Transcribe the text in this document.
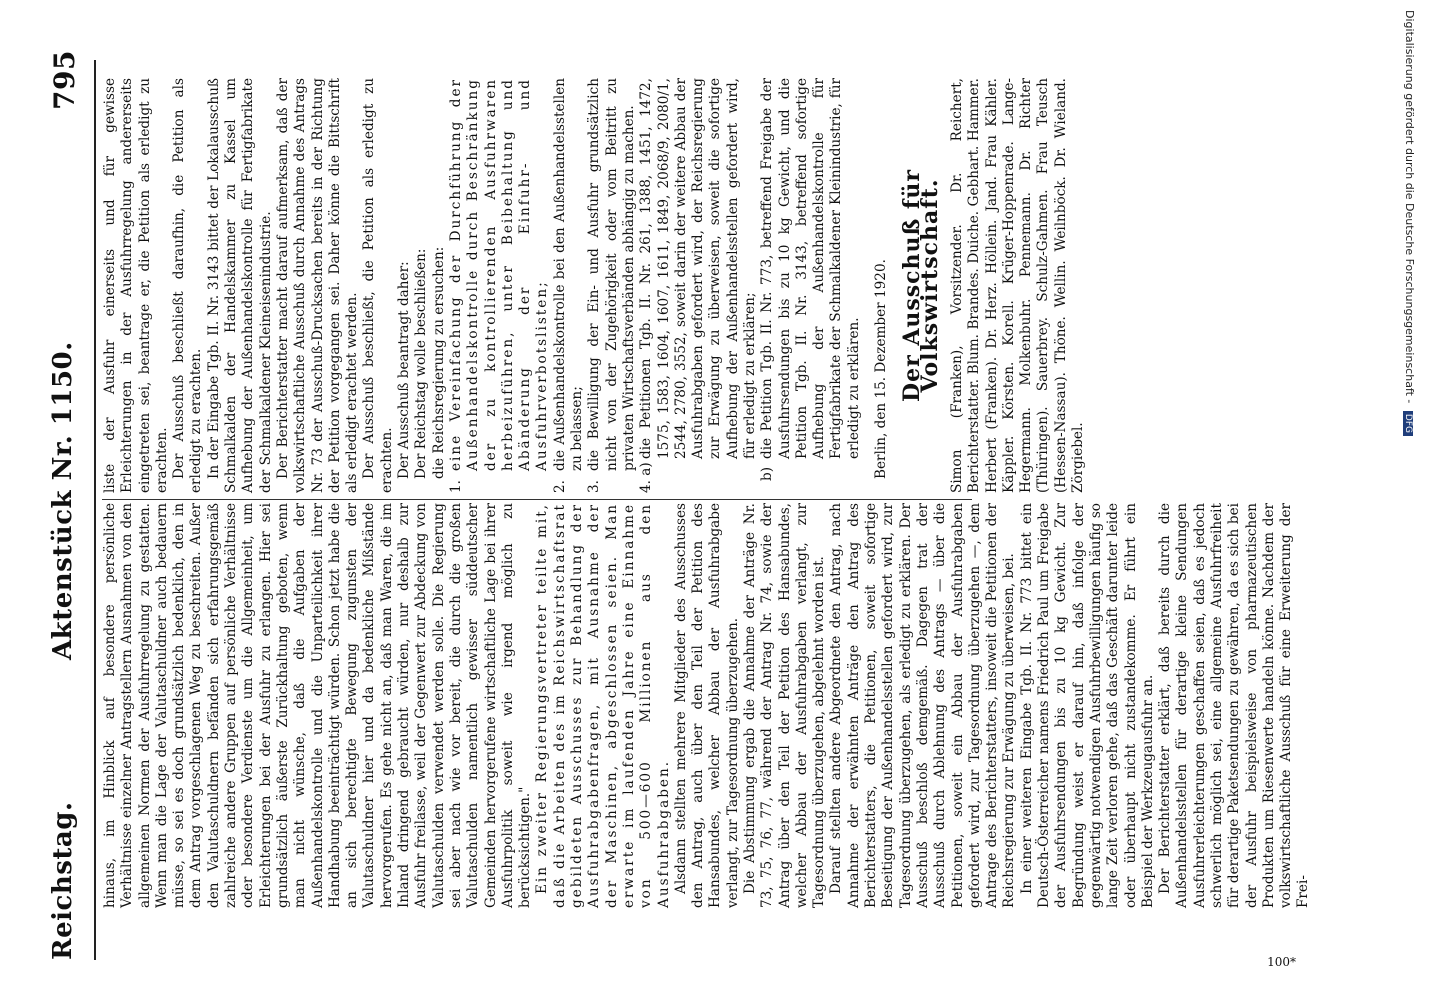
Reichstag.
Aktenstück Nr. 1150.
795

hinaus, im Hinblick auf besondere persönliche Verhältnisse einzelner Antragstellern Ausnahmen von den allgemeinen Normen der Ausfuhrregelung zu gestatten. Wenn man die Lage der Valutaschuldner auch bedauern müsse, so sei es doch grundsätzlich bedenklich, den in dem Antrag vorgeschlagenen Weg zu beschreiten. Außer den Valutaschuldnern befänden sich erfahrungsgemäß zahlreiche andere Gruppen auf persönliche Verhältnisse oder besondere Verdienste um die Allgemeinheit, um Erleichterungen bei der Ausfuhr zu erlangen. Hier sei grundsätzlich äußerste Zurückhaltung geboten, wenn man nicht wünsche, daß die Aufgaben der Außenhandelskontrolle und die Unparteilichkeit ihrer Handhabung beeinträchtigt würden. Schon jetzt habe die an sich berechtigte Bewegung zugunsten der Valutaschuldner hier und da bedenkliche Mißstände hervorgerufen. Es gehe nicht an, daß man Waren, die im Inland dringend gebraucht würden, nur deshalb zur Ausfuhr freilasse, weil der Gegenwert zur Abdeckung von Valutaschulden verwendet werden solle. Die Regierung sei aber nach wie vor bereit, die durch die großen Valutaschulden namentlich gewisser süddeutscher Gemeinden hervorgerufene wirtschaftliche Lage bei ihrer Ausfuhrpolitik soweit wie irgend möglich zu berücksichtigen." Ein zweiter Regierungsvertreter teilte mit, daß die Arbeiten des im Reichswirtschaftsrat gebildeten Ausschusses zur Behandlung der Ausfuhrabgabenfragen, mit Ausnahme der der Maschinen, abgeschlossen seien. Man erwarte im laufenden Jahre eine Einnahme von 500—600 Millionen aus den Ausfuhrabgaben. Alsdann stellten mehrere Mitglieder des Ausschusses den Antrag, auch über den Teil der Petition des Hansabundes, welcher Abbau der Ausfuhrabgabe verlangt, zur Tagesordnung überzugehen. Die Abstimmung ergab die Annahme der Anträge Nr. 73, 75, 76, 77, während der Antrag Nr. 74, sowie der Antrag über den Teil der Petition des Hansabundes, welcher Abbau der Ausfuhrabgaben verlangt, zur Tagesordnung überzugehen, abgelehnt worden ist. Darauf stellten andere Abgeordnete den Antrag, nach Annahme der erwähnten Anträge den Antrag des Berichterstatters, die Petitionen, soweit sofortige Beseitigung der Außenhandelsstellen gefordert wird, zur Tagesordnung überzugehen, als erledigt zu erklären. Der Ausschuß beschloß demgemäß. Dagegen trat der Ausschuß durch Ablehnung des Antrags — über die Petitionen, soweit ein Abbau der Ausfuhrabgaben gefordert wird, zur Tagesordnung überzugehen —, dem Antrage des Berichterstatters, insoweit die Petitionen der Reichsregierung zur Erwägung zu überweisen, bei. In einer weiteren Eingabe Tgb. II. Nr. 773 bittet ein Deutsch-Österreicher namens Friedrich Paul um Freigabe der Ausfuhrsendungen bis zu 10 kg Gewicht. Zur Begründung weist er darauf hin, daß infolge der gegenwärtig notwendigen Ausfuhrbewilligungen häufig so lange Zeit verloren gehe, daß das Geschäft darunter leide oder überhaupt nicht zustandekomme. Er führt ein Beispiel der Werkzeugausfuhr an. Der Berichterstatter erklärt, daß bereits durch die Außenhandelsstellen für derartige kleine Sendungen Ausfuhrerleichterungen geschaffen seien, daß es jedoch schwerlich möglich sei, eine allgemeine Ausfuhrfreiheit für derartige Paketsendungen zu gewähren, da es sich bei der Ausfuhr beispielsweise von pharmazeutischen Produkten um Riesenwerte handeln könne. Nachdem der volkswirtschaftliche Ausschuß für eine Erweiterung der Frei-

liste der Ausfuhr einerseits und für gewisse Erleichterungen in der Ausfuhrregelung andererseits eingetreten sei, beantrage er, die Petition als erledigt zu erachten. Der Ausschuß beschließt daraufhin, die Petition als erledigt zu erachten. In der Eingabe Tgb. II. Nr. 3143 bittet der Lokalausschuß Schmalkalden der Handelskammer zu Kassel um Aufhebung der Außenhandelskontrolle für Fertigfabrikate der Schmalkaldener Kleineisenindustrie. Der Berichterstatter macht darauf aufmerksam, daß der volkswirtschaftliche Ausschuß durch Annahme des Antrags Nr. 73 der Ausschuß-Drucksachen bereits in der Richtung der Petition vorgegangen sei. Daher könne die Bittschrift als erledigt erachtet werden. Der Ausschuß beschließt, die Petition als erledigt zu erachten. Der Ausschuß beantragt daher: Der Reichstag wolle beschließen: die Reichsregierung zu ersuchen:

1.
eine Vereinfachung der Durchführung der Außenhandelskontrolle durch Beschränkung der zu kontrollierenden Ausfuhrwaren herbeizuführen, unter Beibehaltung und Abänderung der Einfuhr- und Ausfuhrverbotslisten;
2.
die Außenhandelskontrolle bei den Außenhandelsstellen zu belassen;
3.
die Bewilligung der Ein- und Ausfuhr grundsätzlich nicht von der Zugehörigkeit oder vom Beitritt zu privaten Wirtschaftsverbänden abhängig zu machen.
4. a)
die Petitionen Tgb. II. Nr. 261, 1388, 1451, 1472, 1575, 1583, 1604, 1607, 1611, 1849, 2068/9, 2080/1, 2544, 2780, 3552, soweit darin der weitere Abbau der Ausfuhrabgaben gefordert wird, der Reichsregierung zur Erwägung zu überweisen, soweit die sofortige Aufhebung der Außenhandelsstellen gefordert wird, für erledigt zu erklären;
b)
die Petition Tgb. II. Nr. 773, betreffend Freigabe der Ausfuhrsendungen bis zu 10 kg Gewicht, und die Petition Tgb. II. Nr. 3143, betreffend sofortige Aufhebung der Außenhandelskontrolle für Fertigfabrikate der Schmalkaldener Kleinindustrie, für erledigt zu erklären. Berlin, den 15. Dezember 1920. Der Ausschuß für Volkswirtschaft. Simon (Franken), Vorsitzender. Dr. Reichert, Berichterstatter. Blum. Brandes. Duiche. Gebhart. Hammer. Herbert (Franken). Dr. Herz. Höllein. Jand. Frau Kähler. Käppler. Körsten. Korell. Krüger-Hoppenrade. Lange-Hegermann. Molkenbuhr. Pennemann. Dr. Richter (Thüringen). Sauerbrey. Schulz-Gahmen. Frau Teusch (Hessen-Nassau). Thöne. Wellin. Weilnböck. Dr. Wieland. Zörgiebel.

100*
Digitalisierung gefördert durch die Deutsche Forschungsgemeinschaft - DFG
